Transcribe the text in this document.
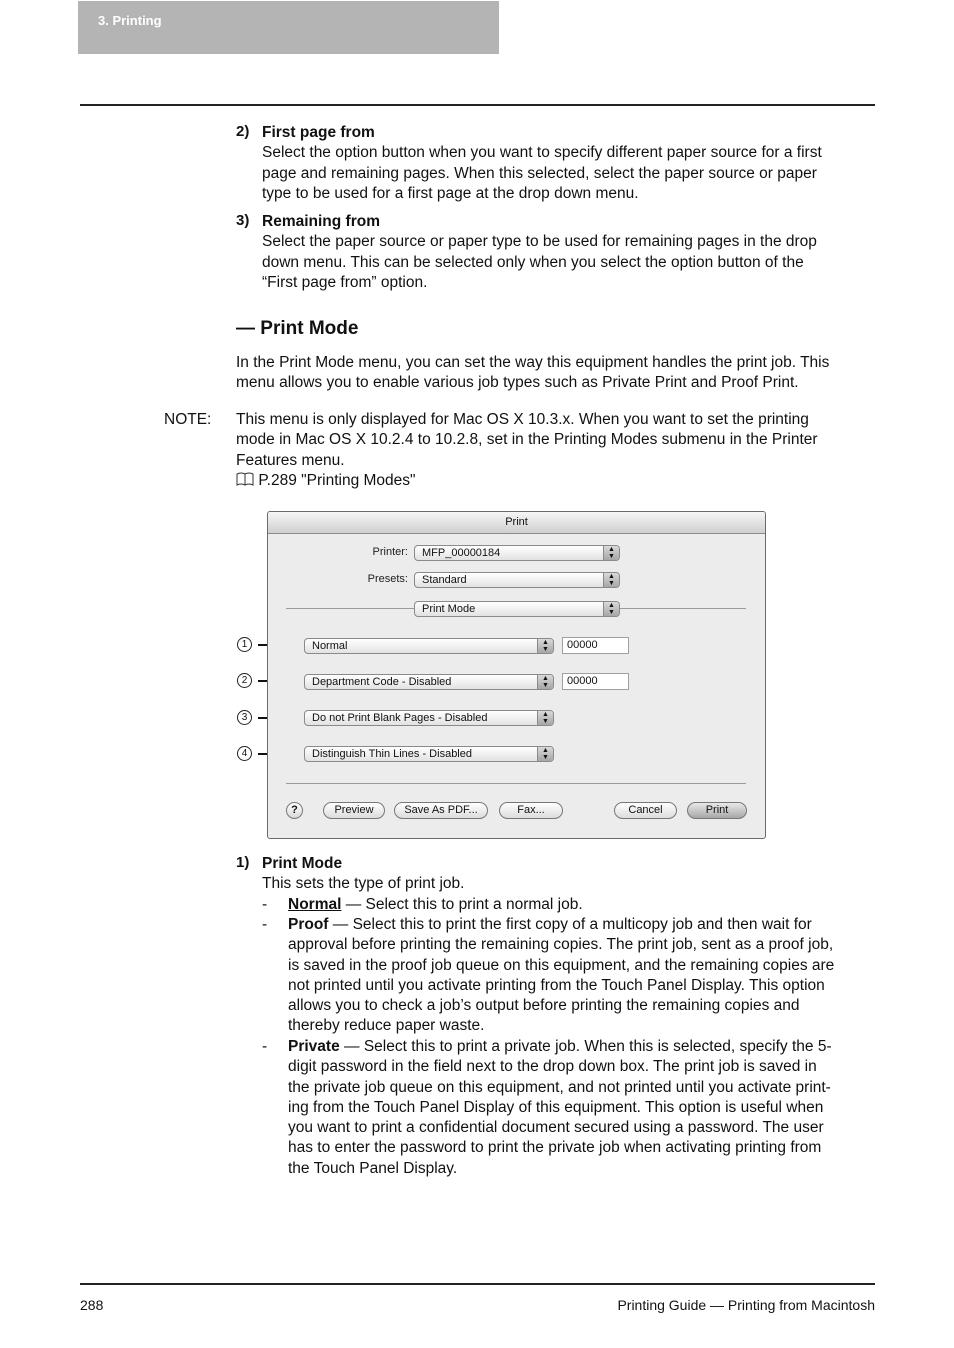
3. Printing
2) First page from
Select the option button when you want to specify different paper source for a first
page and remaining pages. When this selected, select the paper source or paper
type to be used for a first page at the drop down menu.
3) Remaining from
Select the paper source or paper type to be used for remaining pages in the drop
down menu. This can be selected only when you select the option button of the
“First page from” option.
— Print Mode
In the Print Mode menu, you can set the way this equipment handles the print job. This
menu allows you to enable various job types such as Private Print and Proof Print.
NOTE: This menu is only displayed for Mac OS X 10.3.x. When you want to set the printing
mode in Mac OS X 10.2.4 to 10.2.8, set in the Printing Modes submenu in the Printer
Features menu.
P.289 "Printing Modes"
1
2
3
4
Print
Printer: MFP_00000184	▲
▼
Presets: Standard	▲
▼
Print Mode	▲
▼
Normal	▲
▼	00000
Department Code - Disabled	▲
▼	00000
Do not Print Blank Pages - Disabled	▲
▼
Distinguish Thin Lines - Disabled	▲
▼
?	Preview	Save As PDF...	Fax...	Cancel	Print
1) Print Mode
This sets the type of print job.
- Normal — Select this to print a normal job.
- Proof — Select this to print the first copy of a multicopy job and then wait for
approval before printing the remaining copies. The print job, sent as a proof job,
is saved in the proof job queue on this equipment, and the remaining copies are
not printed until you activate printing from the Touch Panel Display. This option
allows you to check a job’s output before printing the remaining copies and
thereby reduce paper waste.
- Private — Select this to print a private job. When this is selected, specify the 5-
digit password in the field next to the drop down box. The print job is saved in
the private job queue on this equipment, and not printed until you activate print-
ing from the Touch Panel Display of this equipment. This option is useful when
you want to print a confidential document secured using a password. The user
has to enter the password to print the private job when activating printing from
the Touch Panel Display.
288	Printing Guide — Printing from Macintosh
